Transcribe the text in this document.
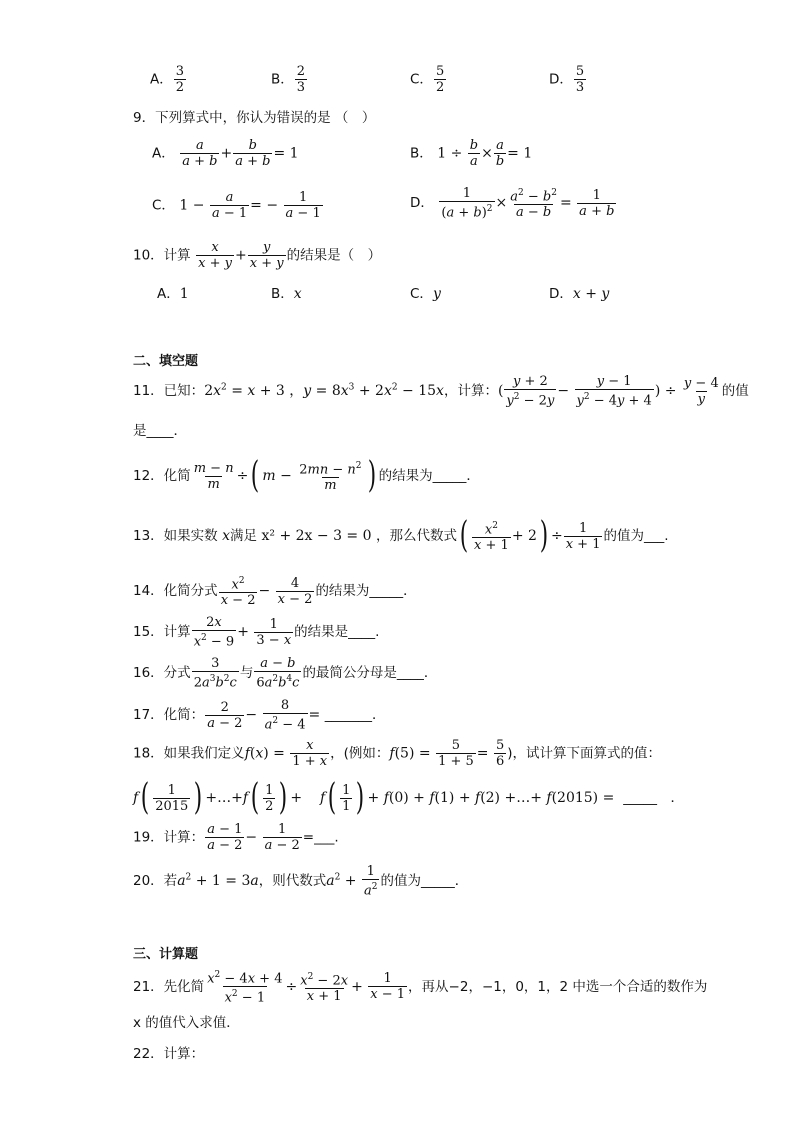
A． $\frac{3}{2}$	B． $\frac{2}{3}$	C． $\frac{5}{2}$	D． $\frac{5}{3}$
9．下列算式中，你认为错误的是 （　）
A． $\frac{a}{a + b} + \frac{b}{a + b} = 1$	B． $1 \div \frac{b}{a} \times \frac{a}{b} = 1$
C． $1 - \frac{a}{a - 1}$ = − $\frac{1}{a - 1}$	D． $\frac{1}{(a + b)^2} \times \frac{a^2 - b^2}{a - b} = \frac{1}{a + b}$
10．计算 $\frac{x}{x + y} + \frac{y}{x + y}$ 的结果是（　）
A．1	B．x	C．y	D．x + y
二、填空题
11．已知：$2x^2 = x + 3$ ，$y = 8x^3 + 2x^2 - 15x$，计算：( $\frac{y + 2}{y^2 - 2y} - \frac{y - 1}{y^2 - 4y + 4}$ ) ÷ $\frac{y - 4}{y}$ 的值
是____．
12．化简 $\frac{m - n}{m}$ ÷( $m - \frac{2mn - n^2}{m}$ ) 的结果为_____．
13．如果实数 x满足 x² + 2x − 3 = 0 ，那么代数式( $\frac{x^2}{x + 1} + 2) \div \frac{1}{x + 1}$ 的值为___.
14．化简分式 $\frac{x^2}{x - 2} - \frac{4}{x - 2}$ 的结果为_____．
15．计算 $\frac{2x}{x^2 - 9} + \frac{1}{3 - x}$ 的结果是____.
16．分式 $\frac{3}{2a^3b^2c}$ 与 $\frac{a - b}{6a^2b^4c}$ 的最简公分母是____．
17．化简： $\frac{2}{a - 2} - \frac{8}{a^2 - 4}$ = _______．
18．如果我们定义$f(x) = \frac{x}{1 + x}$ ，(例如：$f(5) = \frac{5}{1 + 5} = \frac{5}{6}$ )，试计算下面算式的值：
$f( \frac{1}{2015}$ ) +…+f( $\frac{1}{2}$ ) +    $f( \frac{1}{1}$ ) + f(0) + f(1) + f(2) +…+ f(2015) =  _____　．
19．计算： $\frac{a - 1}{a - 2} - \frac{1}{a - 2}$ =___.
20．若$a^2 + 1 = 3a$，则代数式$a^2 + \frac{1}{a^2}$ 的值为_____．
三、计算题
21．先化简 $\frac{x^2 - 4x + 4}{x^2 - 1} \div \frac{x^2 - 2x}{x + 1} + \frac{1}{x - 1}$ ，再从−2，−1，0，1，2 中选一个合适的数作为
x 的值代入求值．
22．计算：
